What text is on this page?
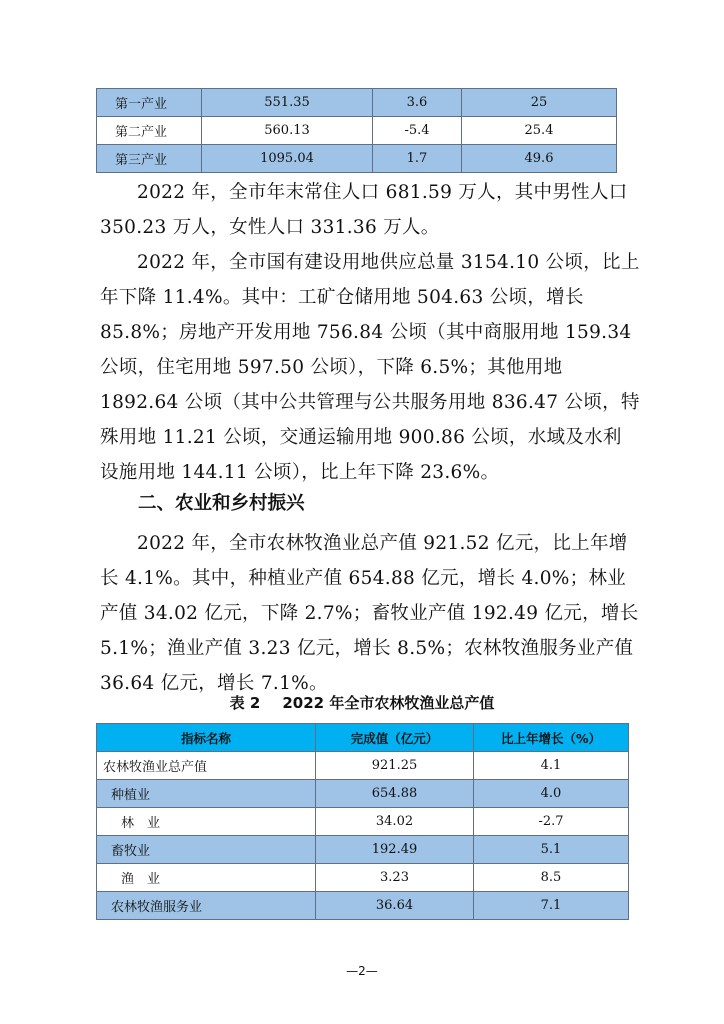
第一产业	551.35	3.6	25
第二产业	560.13	-5.4	25.4
第三产业	1095.04	1.7	49.6

2022 年，全市年末常住人口 681.59 万人，其中男性人口 350.23 万人，女性人口 331.36 万人。

2022 年，全市国有建设用地供应总量 3154.10 公顷，比上年下降 11.4%。其中：工矿仓储用地 504.63 公顷，增长 85.8%；房地产开发用地 756.84 公顷（其中商服用地 159.34 公顷，住宅用地 597.50 公顷），下降 6.5%；其他用地 1892.64 公顷（其中公共管理与公共服务用地 836.47 公顷，特殊用地 11.21 公顷，交通运输用地 900.86 公顷，水域及水利设施用地 144.11 公顷），比上年下降 23.6%。

二、农业和乡村振兴

2022 年，全市农林牧渔业总产值 921.52 亿元，比上年增长 4.1%。其中，种植业产值 654.88 亿元，增长 4.0%；林业产值 34.02 亿元，下降 2.7%；畜牧业产值 192.49 亿元，增长 5.1%；渔业产值 3.23 亿元，增长 8.5%；农林牧渔服务业产值 36.64 亿元，增长 7.1%。

表 2 2022 年全市农林牧渔业总产值
指标名称	完成值（亿元）	比上年增长（%）
农林牧渔业总产值	921.25	4.1
种植业	654.88	4.0
林　业	34.02	-2.7
畜牧业	192.49	5.1
渔　业	3.23	8.5
农林牧渔服务业	36.64	7.1
—2—
